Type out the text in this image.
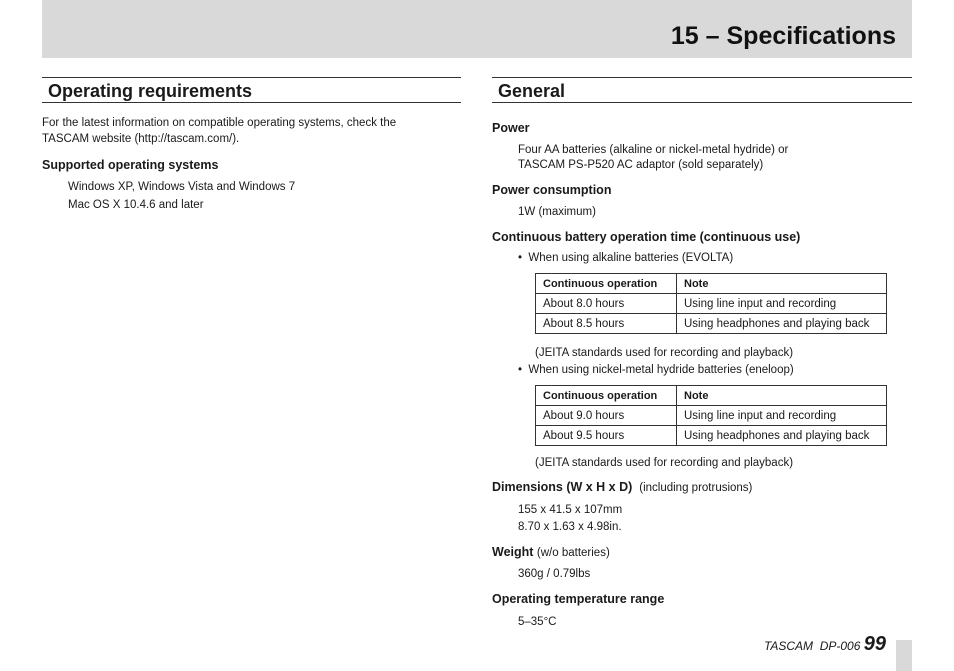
15 – Specifications
Operating requirements
For the latest information on compatible operating systems, check the
TASCAM website (http://tascam.com/).
Supported operating systems
Windows XP, Windows Vista and Windows 7
Mac OS X 10.4.6 and later
General
Power
Four AA batteries (alkaline or nickel-metal hydride) or
TASCAM PS-P520 AC adaptor (sold separately)
Power consumption
1W (maximum)
Continuous battery operation time (continuous use)
•  When using alkaline batteries (EVOLTA)
Continuous operation	Note
About 8.0 hours	Using line input and recording
About 8.5 hours	Using headphones and playing back
(JEITA standards used for recording and playback)
•  When using nickel-metal hydride batteries (eneloop)
Continuous operation	Note
About 9.0 hours	Using line input and recording
About 9.5 hours	Using headphones and playing back
(JEITA standards used for recording and playback)
Dimensions (W x H x D) (including protrusions)
155 x 41.5 x 107mm
8.70 x 1.63 x 4.98in.
Weight (w/o batteries)
360g / 0.79lbs
Operating temperature range
5–35°C
TASCAM  DP-006 99
